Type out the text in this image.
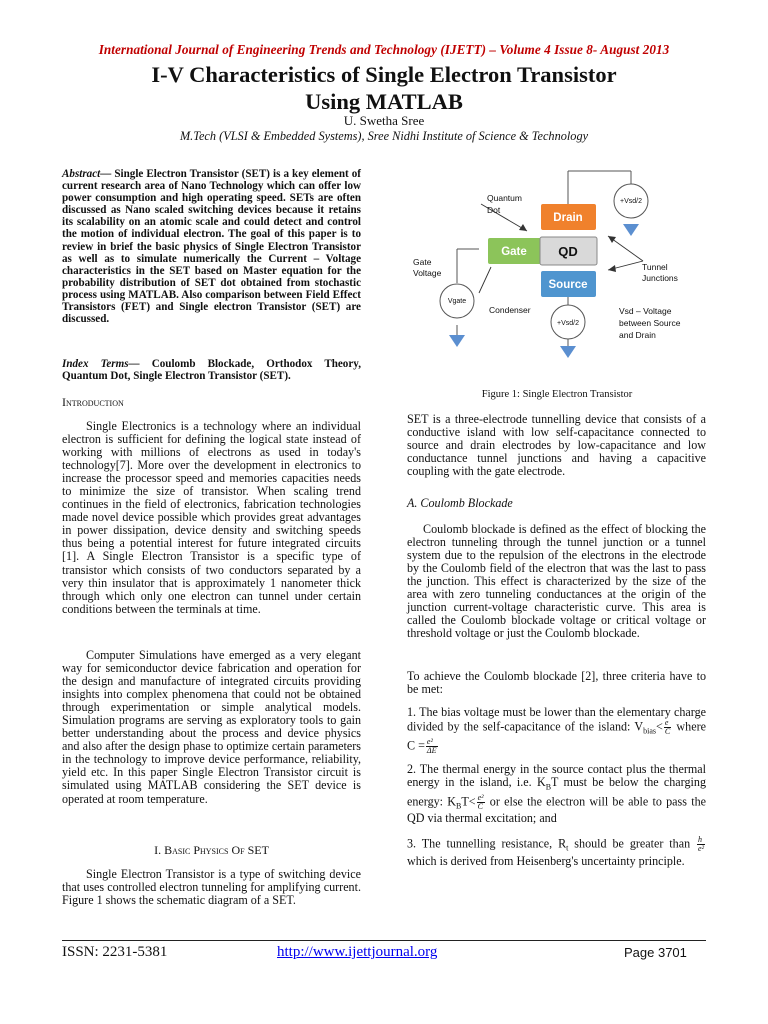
International Journal of Engineering Trends and Technology (IJETT) – Volume 4 Issue 8- August 2013
I-V Characteristics of Single Electron Transistor
Using MATLAB
U. Swetha Sree
M.Tech (VLSI & Embedded Systems), Sree Nidhi Institute of Science & Technology

Abstract— Single Electron Transistor (SET) is a key element of current research area of Nano Technology which can offer low power consumption and high operating speed. SETs are often discussed as Nano scaled switching devices because it retains its scalability on an atomic scale and could detect and control the motion of individual electron. The goal of this paper is to review in brief the basic physics of Single Electron Transistor as well as to simulate numerically the Current – Voltage characteristics in the SET based on Master equation for the probability distribution of SET dot obtained from stochastic process using MATLAB. Also comparison between Field Effect Transistors (FET) and Single electron Transistor (SET) are discussed.

Index Terms— Coulomb Blockade, Orthodox Theory, Quantum Dot, Single Electron Transistor (SET).

Introduction

Single Electronics is a technology where an individual electron is sufficient for defining the logical state instead of working with millions of electrons as used in today's technology[7]. More over the development in electronics to increase the processor speed and memories capacities needs to minimize the size of transistor. When scaling trend continues in the field of electronics, fabrication technologies made novel device possible which provides great advantages in power dissipation, device density and switching speeds thus being a potential interest for future integrated circuits [1]. A Single Electron Transistor is a specific type of transistor which consists of two conductors separated by a very thin insulator that is approximately 1 nanometer thick through which only one electron can tunnel under certain conditions between the terminals at time.

Computer Simulations have emerged as a very elegant way for semiconductor device fabrication and operation for the design and manufacture of integrated circuits providing insights into complex phenomena that could not be obtained through experimentation or simple analytical models. Simulation programs are serving as exploratory tools to gain better understanding about the process and device physics and also after the design phase to optimize certain parameters in the technology to improve device performance, reliability, yield etc. In this paper Single Electron Transistor circuit is simulated using MATLAB considering the SET device is operated at room temperature.

I. Basic Physics Of SET

Single Electron Transistor is a type of switching device that uses controlled electron tunneling for amplifying current. Figure 1 shows the schematic diagram of a SET.

Quantum
Dot
Gate
Voltage
Condenser
Tunnel
Junctions
Vsd – Voltage
between Source
and Drain
+Vsd/2
+Vsd/2
Vgate
Drain
Gate
Source
QD
Figure 1: Single Electron Transistor

SET is a three-electrode tunnelling device that consists of a conductive island with low self-capacitance connected to source and drain electrodes by low-capacitance and low conductance tunnel junctions and having a capacitive coupling with the gate electrode.

A. Coulomb Blockade

Coulomb blockade is defined as the effect of blocking the electron tunneling through the tunnel junction or a tunnel system due to the repulsion of the electrons in the electrode by the Coulomb field of the electron that was the last to pass the junction. This effect is characterized by the size of the area with zero tunneling conductances at the origin of the junction current-voltage characteristic curve. This area is called the Coulomb blockade voltage or critical voltage or threshold voltage or just the Coulomb blockade.

To achieve the Coulomb blockade [2], three criteria have to be met:

1. The bias voltage must be lower than the elementary charge divided by the self-capacitance of the island: $V_{bias}< \frac{e}{C}$ where $C = \frac{\text{e²}}{\Delta E}$

2. The thermal energy in the source contact plus the thermal energy in the island, i.e. $K_BT$ must be below the charging energy: $K_BT< \frac{\text{e²}}{C}$ or else the electron will be able to pass the QD via thermal excitation; and

3. The tunnelling resistance, $R_t$ should be greater than $\frac{h}{\text{e²}}$
which is derived from Heisenberg's uncertainty principle.

ISSN: 2231-5381	http://www.ijettjournal.org	Page 3701
